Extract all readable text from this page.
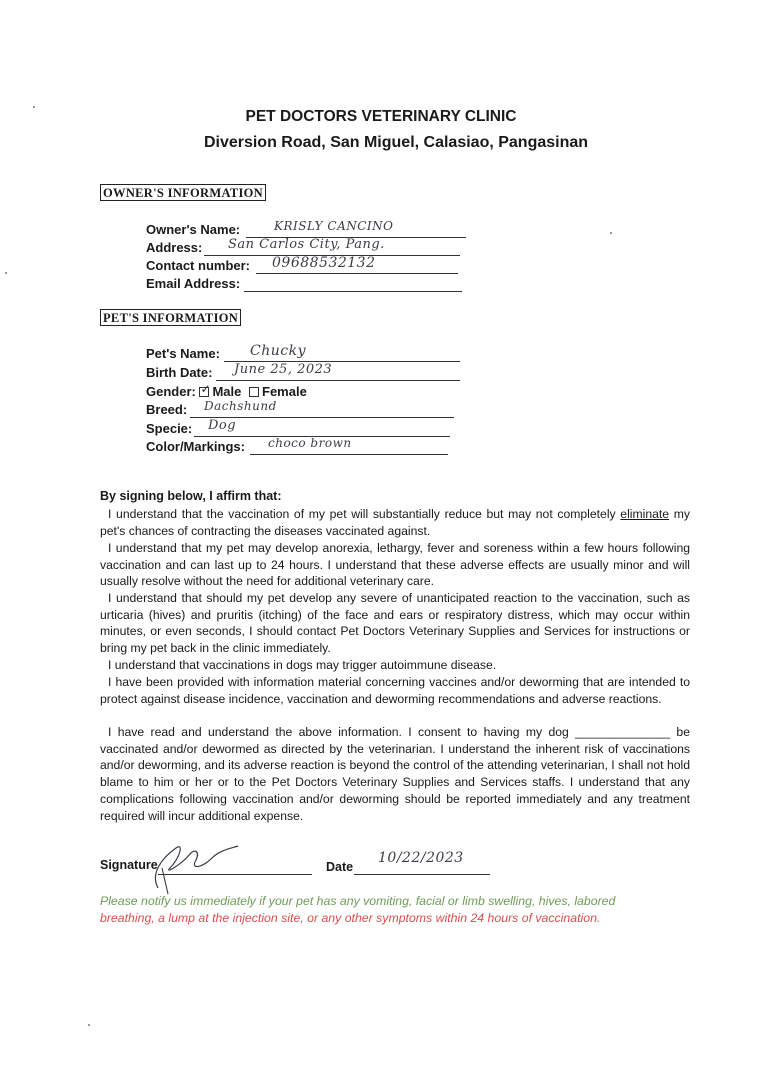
PET DOCTORS VETERINARY CLINIC
Diversion Road, San Miguel, Calasiao, Pangasinan
OWNER'S INFORMATION
Owner's Name:	KRISLY CANCINO
Address: San Carlos City, Pang.
Contact number: 09688532132
Email Address:
PET'S INFORMATION
Pet's Name: Chucky
Birth Date: June 25, 2023
Gender: ✓ Male Female
Breed: Dachshund
Specie: Dog
Color/Markings: choco brown
By signing below, I affirm that:

I understand that the vaccination of my pet will substantially reduce but may not completely eliminate my pet's chances of contracting the diseases vaccinated against.

I understand that my pet may develop anorexia, lethargy, fever and soreness within a few hours following vaccination and can last up to 24 hours. I understand that these adverse effects are usually minor and will usually resolve without the need for additional veterinary care.

I understand that should my pet develop any severe of unanticipated reaction to the vaccination, such as urticaria (hives) and pruritis (itching) of the face and ears or respiratory distress, which may occur within minutes, or even seconds, I should contact Pet Doctors Veterinary Supplies and Services for instructions or bring my pet back in the clinic immediately.

I understand that vaccinations in dogs may trigger autoimmune disease.

I have been provided with information material concerning vaccines and/or deworming that are intended to protect against disease incidence, vaccination and deworming recommendations and adverse reactions.

I have read and understand the above information. I consent to having my dog ______________ be vaccinated and/or dewormed as directed by the veterinarian. I understand the inherent risk of vaccinations and/or deworming, and its adverse reaction is beyond the control of the attending veterinarian, I shall not hold blame to him or her or to the Pet Doctors Veterinary Supplies and Services staffs. I understand that any complications following vaccination and/or deworming should be reported immediately and any treatment required will incur additional expense.

Signature	Date
10/22/2023
Please notify us immediately if your pet has any vomiting, facial or limb swelling, hives, labored
breathing, a lump at the injection site, or any other symptoms within 24 hours of vaccination.
